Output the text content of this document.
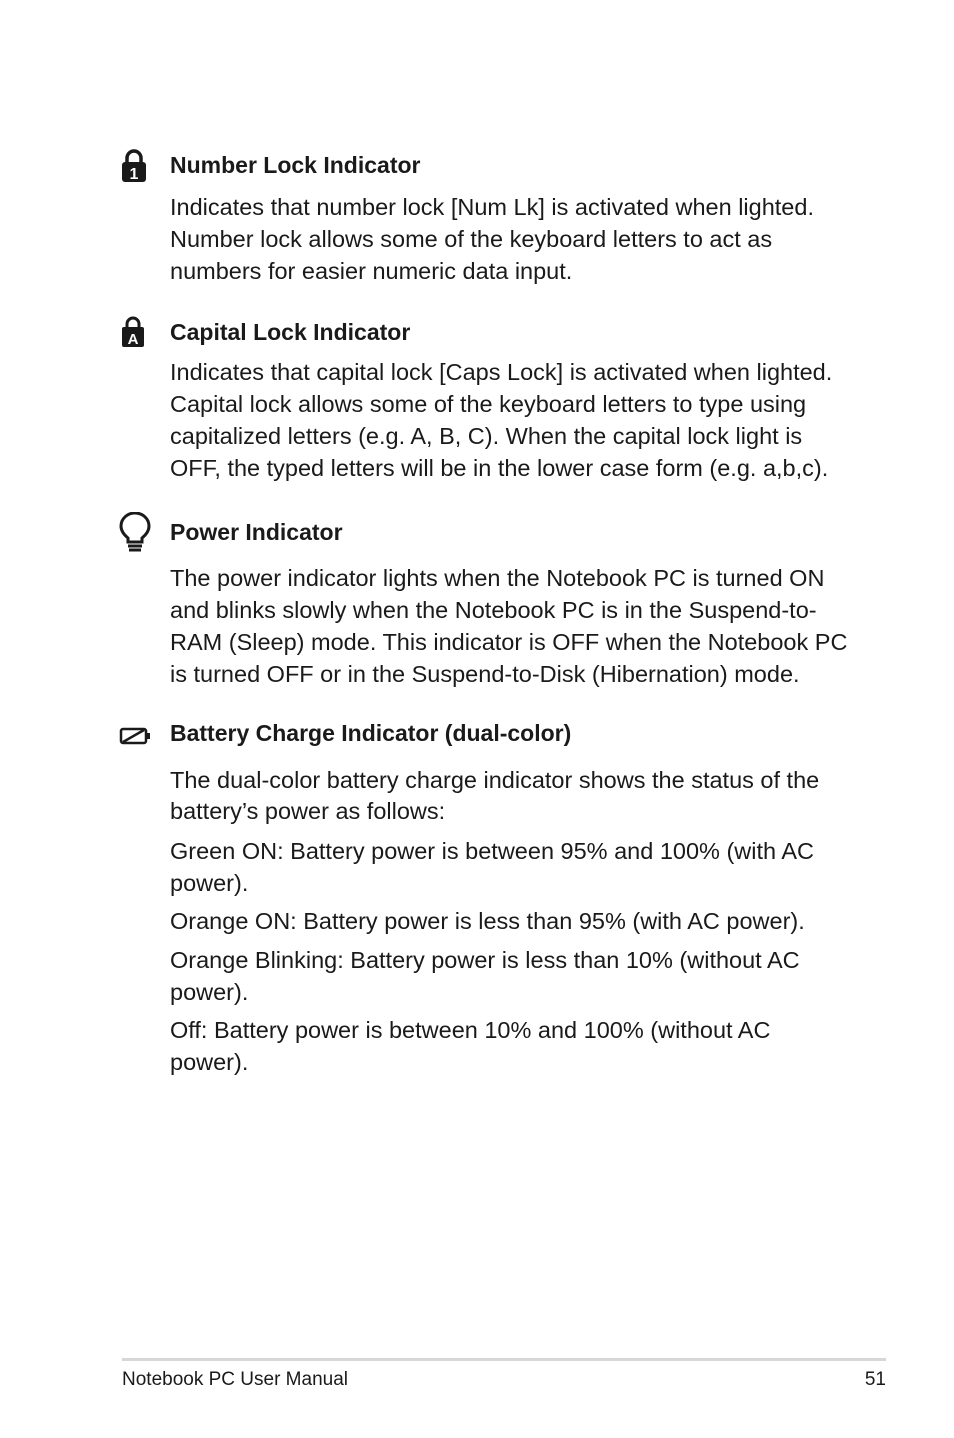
1 Number Lock Indicator
Indicates that number lock [Num Lk] is activated when lighted. Number lock allows some of the keyboard letters to act as numbers for easier numeric data input.
A Capital Lock Indicator
Indicates that capital lock [Caps Lock] is activated when lighted. Capital lock allows some of the keyboard letters to type using capitalized letters (e.g. A, B, C). When the capital lock light is OFF, the typed letters will be in the lower case form (e.g. a,b,c).
Power Indicator
The power indicator lights when the Notebook PC is turned ON and blinks slowly when the Notebook PC is in the Suspend-to-RAM (Sleep) mode. This indicator is OFF when the Notebook PC is turned OFF or in the Suspend-to-Disk (Hibernation) mode.
Battery Charge Indicator (dual-color)
The dual-color battery charge indicator shows the status of the battery’s power as follows:
Green ON: Battery power is between 95% and 100% (with AC power).
Orange ON: Battery power is less than 95% (with AC power).
Orange Blinking: Battery power is less than 10% (without AC power).
Off: Battery power is between 10% and 100% (without AC power).
Notebook PC User Manual	51
